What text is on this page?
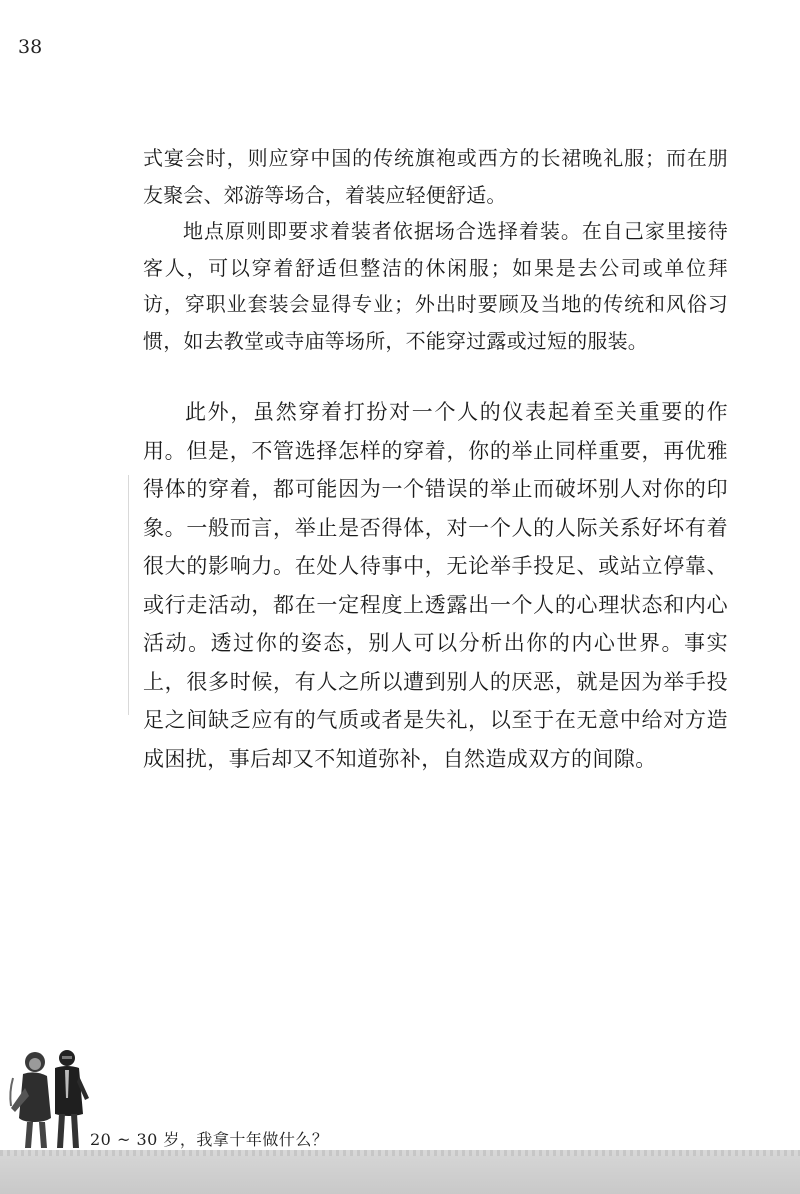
38

式宴会时，则应穿中国的传统旗袍或西方的长裙晚礼服；而在朋友聚会、郊游等场合，着装应轻便舒适。

地点原则即要求着装者依据场合选择着装。在自己家里接待客人，可以穿着舒适但整洁的休闲服；如果是去公司或单位拜访，穿职业套装会显得专业；外出时要顾及当地的传统和风俗习惯，如去教堂或寺庙等场所，不能穿过露或过短的服装。

此外，虽然穿着打扮对一个人的仪表起着至关重要的作用。但是，不管选择怎样的穿着，你的举止同样重要，再优雅得体的穿着，都可能因为一个错误的举止而破坏别人对你的印象。一般而言，举止是否得体，对一个人的人际关系好坏有着很大的影响力。在处人待事中，无论举手投足、或站立停靠、或行走活动，都在一定程度上透露出一个人的心理状态和内心活动。透过你的姿态，别人可以分析出你的内心世界。事实上，很多时候，有人之所以遭到别人的厌恶，就是因为举手投足之间缺乏应有的气质或者是失礼，以至于在无意中给对方造成困扰，事后却又不知道弥补，自然造成双方的间隙。

20 ~ 30 岁，我拿十年做什么？
